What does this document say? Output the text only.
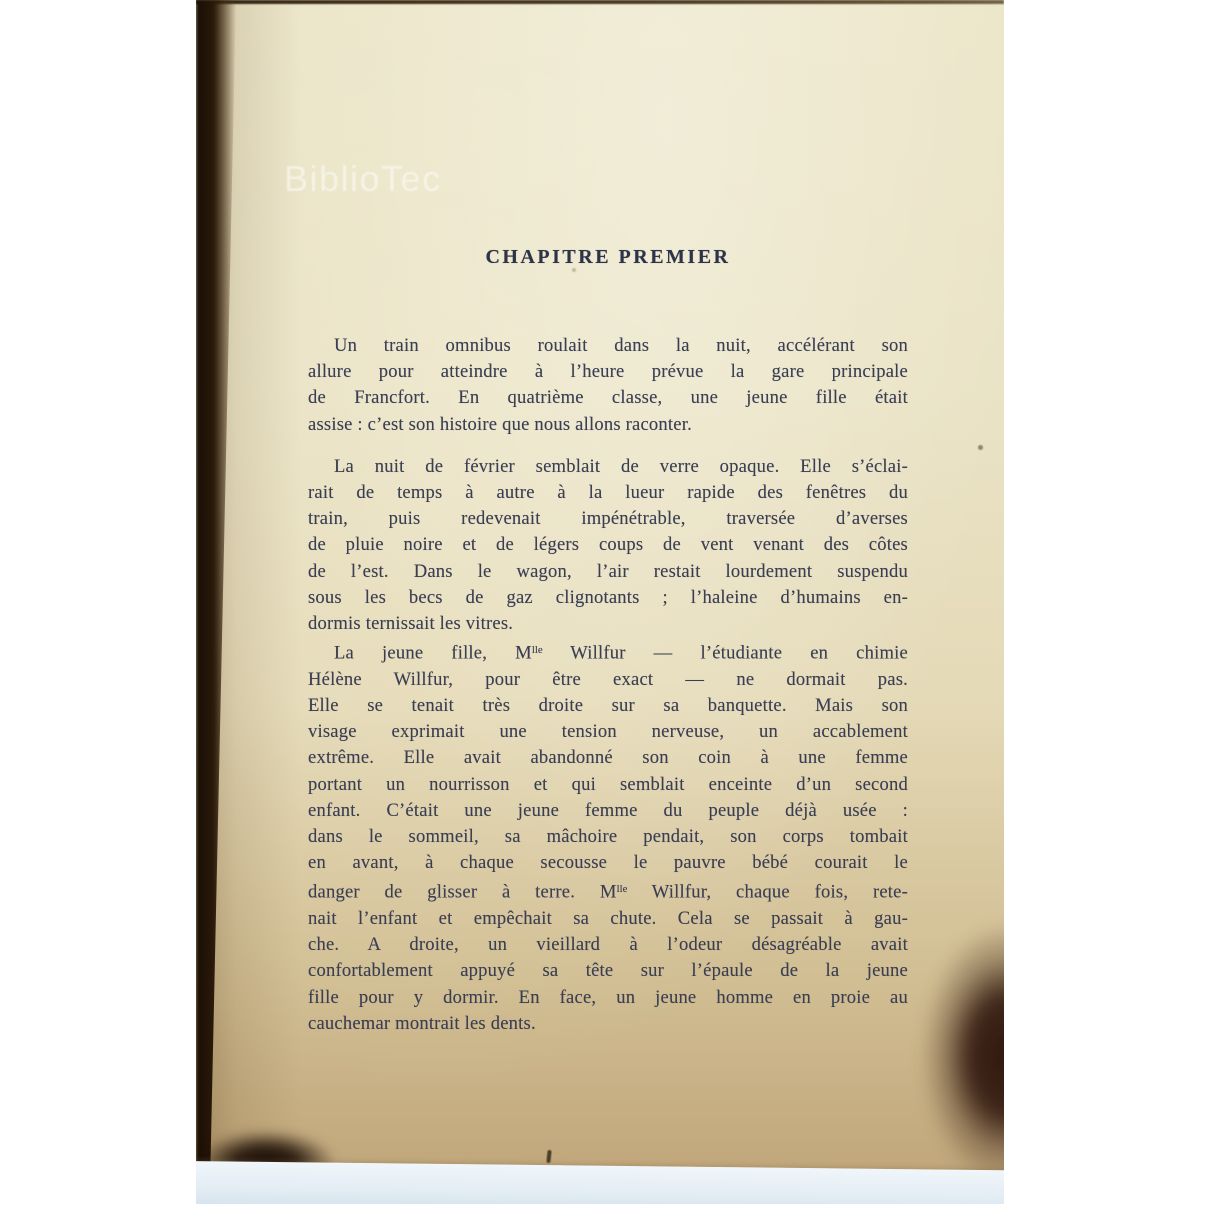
BiblioTec
CHAPITRE PREMIER
Un train omnibus roulait dans la nuit, accélérant son
allure pour atteindre à l’heure prévue la gare principale
de Francfort. En quatrième classe, une jeune fille était
assise : c’est son histoire que nous allons raconter.
La nuit de février semblait de verre opaque. Elle s’éclai-
rait de temps à autre à la lueur rapide des fenêtres du
train, puis redevenait impénétrable, traversée d’averses
de pluie noire et de légers coups de vent venant des côtes
de l’est. Dans le wagon, l’air restait lourdement suspendu
sous les becs de gaz clignotants ; l’haleine d’humains en-
dormis ternissait les vitres.
La jeune fille, $M^{lle}$ Willfur — l’étudiante en chimie
Hélène Willfur, pour être exact — ne dormait pas.
Elle se tenait très droite sur sa banquette. Mais son
visage exprimait une tension nerveuse, un accablement
extrême. Elle avait abandonné son coin à une femme
portant un nourrisson et qui semblait enceinte d’un second
enfant. C’était une jeune femme du peuple déjà usée :
dans le sommeil, sa mâchoire pendait, son corps tombait
en avant, à chaque secousse le pauvre bébé courait le
danger de glisser à terre. $M^{lle}$ Willfur, chaque fois, rete-
nait l’enfant et empêchait sa chute. Cela se passait à gau-
che. A droite, un vieillard à l’odeur désagréable avait
confortablement appuyé sa tête sur l’épaule de la jeune
fille pour y dormir. En face, un jeune homme en proie au
cauchemar montrait les dents.
